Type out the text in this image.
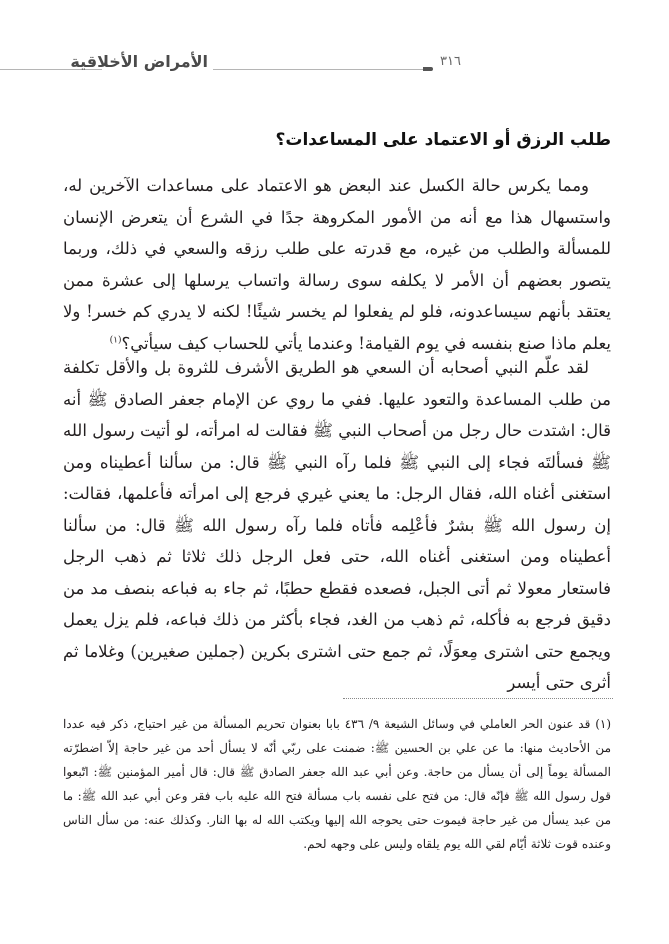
الأمراض الأخلاقية	٣١٦
طلب الرزق أو الاعتماد على المساعدات؟
ومما يكرس حالة الكسل عند البعض هو الاعتماد على مساعدات الآخرين له، واستسهال هذا مع أنه من الأمور المكروهة جدًا في الشرع أن يتعرض الإنسان للمسألة والطلب من غيره، مع قدرته على طلب رزقه والسعي في ذلك، وربما يتصور بعضهم أن الأمر لا يكلفه سوى رسالة واتساب يرسلها إلى عشرة ممن يعتقد بأنهم سيساعدونه، فلو لم يفعلوا لم يخسر شيئًا! لكنه لا يدري كم خسر! ولا يعلم ماذا صنع بنفسه في يوم القيامة! وعندما يأتي للحساب كيف سيأتي؟$^{(١)}$
لقد علّم النبي أصحابه أن السعي هو الطريق الأشرف للثروة بل والأقل تكلفة من طلب المساعدة والتعود عليها. ففي ما روي عن الإمام جعفر الصادق ﷺ أنه قال: اشتدت حال رجل من أصحاب النبي ﷺ فقالت له امرأته، لو أتيت رسول الله ﷺ فسألتَه فجاء إلى النبي ﷺ فلما رآه النبي ﷺ قال: من سألنا أعطيناه ومن استغنى أغناه الله، فقال الرجل: ما يعني غيري فرجع إلى امرأته فأعلمها، فقالت: إن رسول الله ﷺ بشرٌ فأعْلِمه فأتاه فلما رآه رسول الله ﷺ قال: من سألنا أعطيناه ومن استغنى أغناه الله، حتى فعل الرجل ذلك ثلاثا ثم ذهب الرجل فاستعار معولا ثم أتى الجبل، فصعده فقطع حطبًا، ثم جاء به فباعه بنصف مد من دقيق فرجع به فأكله، ثم ذهب من الغد، فجاء بأكثر من ذلك فباعه، فلم يزل يعمل ويجمع حتى اشترى مِعوَلًا، ثم جمع حتى اشترى بكرين (جملين صغيرين) وغلاما ثم أثرى حتى أيسر

(١) قد عنون الحر العاملي في وسائل الشيعة ٩/ ٤٣٦ بابا بعنوان تحريم المسألة من غير احتياج، ذكر فيه عددا من الأحاديث منها: ما عن علي بن الحسين ﷺ: ضمنت على ربّي أنّه لا يسأل أحد من غير حاجة إلاّ اضطرّته المسألة يوماً إلى أن يسأل من حاجة. وعن أبي عبد الله جعفر الصادق ﷺ قال: قال أمير المؤمنين ﷺ: اتّبعوا قول رسول الله ﷺ فإنّه قال: من فتح على نفسه باب مسألة فتح الله عليه باب فقر وعن أبي عبد الله ﷺ: ما من عبد يسأل من غير حاجة فيموت حتى يحوجه الله إليها ويكتب الله له بها النار. وكذلك عنه: من سأل الناس وعنده قوت ثلاثة أيّام لقي الله يوم يلقاه وليس على وجهه لحم.
